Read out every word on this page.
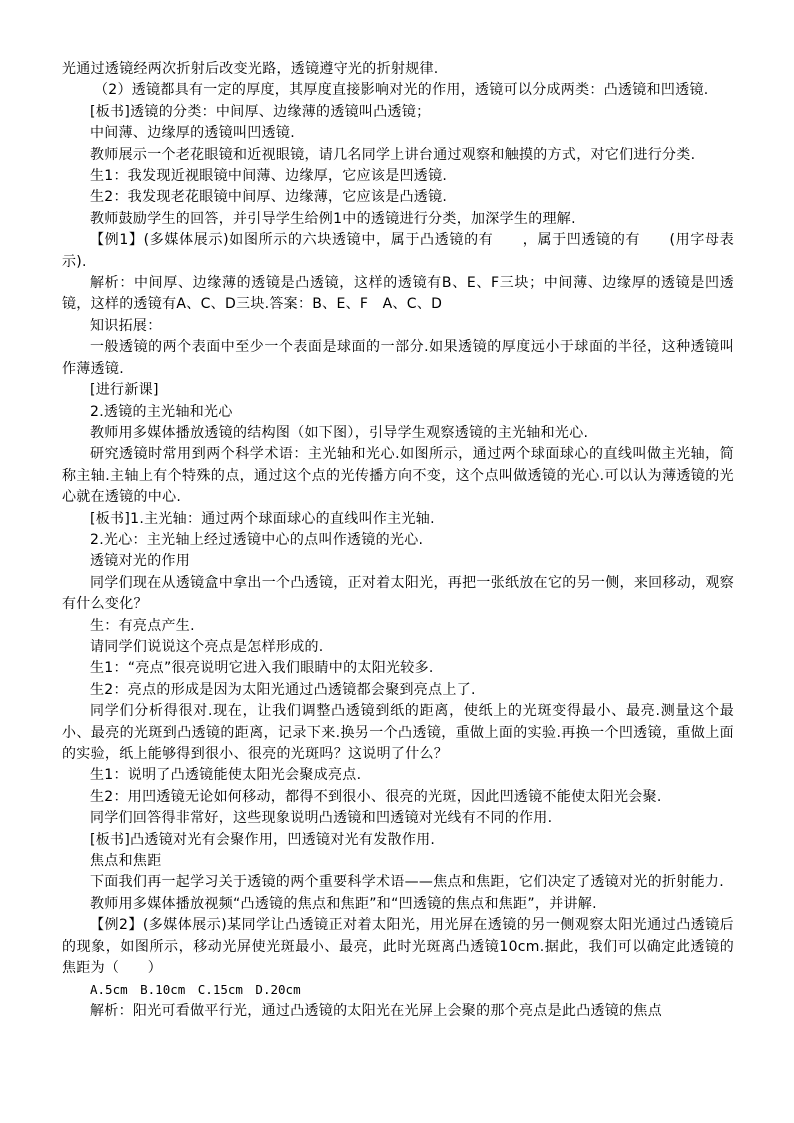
光通过透镜经两次折射后改变光路，透镜遵守光的折射规律.

（2）透镜都具有一定的厚度，其厚度直接影响对光的作用，透镜可以分成两类：凸透镜和凹透镜.

[板书]透镜的分类：中间厚、边缘薄的透镜叫凸透镜；

中间薄、边缘厚的透镜叫凹透镜.

教师展示一个老花眼镜和近视眼镜，请几名同学上讲台通过观察和触摸的方式，对它们进行分类.

生1：我发现近视眼镜中间薄、边缘厚，它应该是凹透镜.

生2：我发现老花眼镜中间厚、边缘薄，它应该是凸透镜.

教师鼓励学生的回答，并引导学生给例1中的透镜进行分类，加深学生的理解.

【例1】(多媒体展示)如图所示的六块透镜中，属于凸透镜的有　　，属于凹透镜的有　　(用字母表示).

解析：中间厚、边缘薄的透镜是凸透镜，这样的透镜有B、E、F三块；中间薄、边缘厚的透镜是凹透镜，这样的透镜有A、C、D三块.答案：B、E、F　A、C、D

知识拓展：

一般透镜的两个表面中至少一个表面是球面的一部分.如果透镜的厚度远小于球面的半径，这种透镜叫作薄透镜.

[进行新课]

2.透镜的主光轴和光心

教师用多媒体播放透镜的结构图（如下图），引导学生观察透镜的主光轴和光心.

研究透镜时常用到两个科学术语：主光轴和光心.如图所示，通过两个球面球心的直线叫做主光轴，简称主轴.主轴上有个特殊的点，通过这个点的光传播方向不变，这个点叫做透镜的光心.可以认为薄透镜的光心就在透镜的中心.

[板书]1.主光轴：通过两个球面球心的直线叫作主光轴.

2.光心：主光轴上经过透镜中心的点叫作透镜的光心.

透镜对光的作用

同学们现在从透镜盒中拿出一个凸透镜，正对着太阳光，再把一张纸放在它的另一侧，来回移动，观察有什么变化？

生：有亮点产生.

请同学们说说这个亮点是怎样形成的.

生1：“亮点”很亮说明它进入我们眼睛中的太阳光较多.

生2：亮点的形成是因为太阳光通过凸透镜都会聚到亮点上了.

同学们分析得很对.现在，让我们调整凸透镜到纸的距离，使纸上的光斑变得最小、最亮.测量这个最小、最亮的光斑到凸透镜的距离，记录下来.换另一个凸透镜，重做上面的实验.再换一个凹透镜，重做上面的实验，纸上能够得到很小、很亮的光斑吗？这说明了什么？

生1：说明了凸透镜能使太阳光会聚成亮点.

生2：用凹透镜无论如何移动，都得不到很小、很亮的光斑，因此凹透镜不能使太阳光会聚.

同学们回答得非常好，这些现象说明凸透镜和凹透镜对光线有不同的作用.

[板书]凸透镜对光有会聚作用，凹透镜对光有发散作用.

焦点和焦距

下面我们再一起学习关于透镜的两个重要科学术语——焦点和焦距，它们决定了透镜对光的折射能力.

教师用多媒体播放视频“凸透镜的焦点和焦距”和“凹透镜的焦点和焦距”，并讲解.

【例2】(多媒体展示)某同学让凸透镜正对着太阳光，用光屏在透镜的另一侧观察太阳光通过凸透镜后的现象，如图所示，移动光屏使光斑最小、最亮，此时光斑离凸透镜10cm.据此，我们可以确定此透镜的焦距为（　　）

A.5cm　B.10cm　C.15cm　D.20cm

解析：阳光可看做平行光，通过凸透镜的太阳光在光屏上会聚的那个亮点是此凸透镜的焦点
